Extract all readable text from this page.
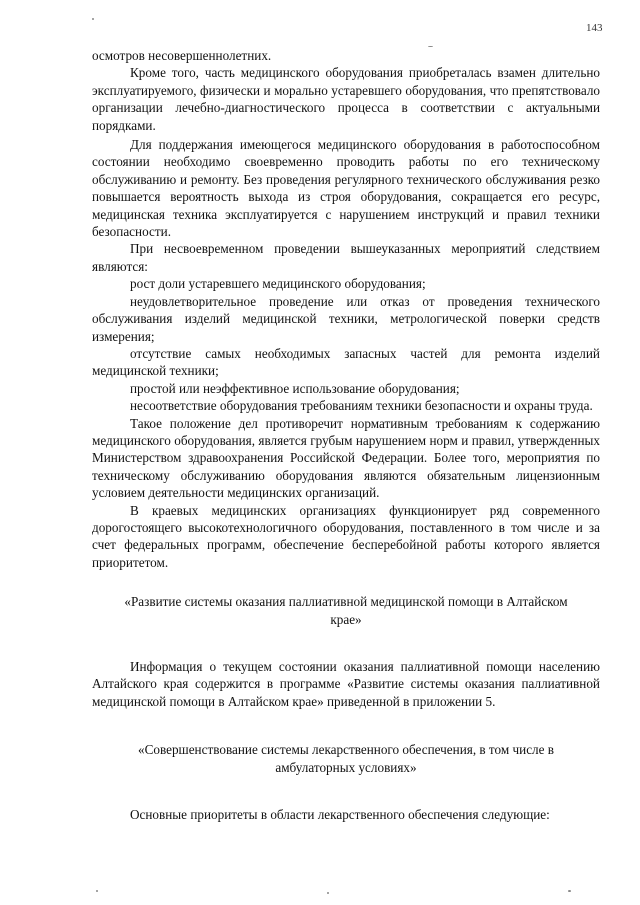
143

осмотров несовершеннолетних.

Кроме того, часть медицинского оборудования приобреталась взамен длительно эксплуатируемого, физически и морально устаревшего оборудования, что препятствовало организации лечебно-диагностического процесса в соответствии с актуальными порядками.

Для поддержания имеющегося медицинского оборудования в работоспособном состоянии необходимо своевременно проводить работы по его техническому обслуживанию и ремонту. Без проведения регулярного технического обслуживания резко повышается вероятность выхода из строя оборудования, сокращается его ресурс, медицинская техника эксплуатируется с нарушением инструкций и правил техники безопасности.

При несвоевременном проведении вышеуказанных мероприятий следствием являются:

рост доли устаревшего медицинского оборудования;

неудовлетворительное проведение или отказ от проведения технического обслуживания изделий медицинской техники, метрологической поверки средств измерения;

отсутствие самых необходимых запасных частей для ремонта изделий медицинской техники;

простой или неэффективное использование оборудования;

несоответствие оборудования требованиям техники безопасности и охраны труда.

Такое положение дел противоречит нормативным требованиям к содержанию медицинского оборудования, является грубым нарушением норм и правил, утвержденных Министерством здравоохранения Российской Федерации. Более того, мероприятия по техническому обслуживанию оборудования являются обязательным лицензионным условием деятельности медицинских организаций.

В краевых медицинских организациях функционирует ряд современного дорогостоящего высокотехнологичного оборудования, поставленного в том числе и за счет федеральных программ, обеспечение бесперебойной работы которого является приоритетом.

«Развитие системы оказания паллиативной медицинской помощи в Алтайском крае»

Информация о текущем состоянии оказания паллиативной помощи населению Алтайского края содержится в программе «Развитие системы оказания паллиативной медицинской помощи в Алтайском крае» приведенной в приложении 5.

«Совершенствование системы лекарственного обеспечения, в том числе в амбулаторных условиях»

Основные приоритеты в области лекарственного обеспечения следующие:
